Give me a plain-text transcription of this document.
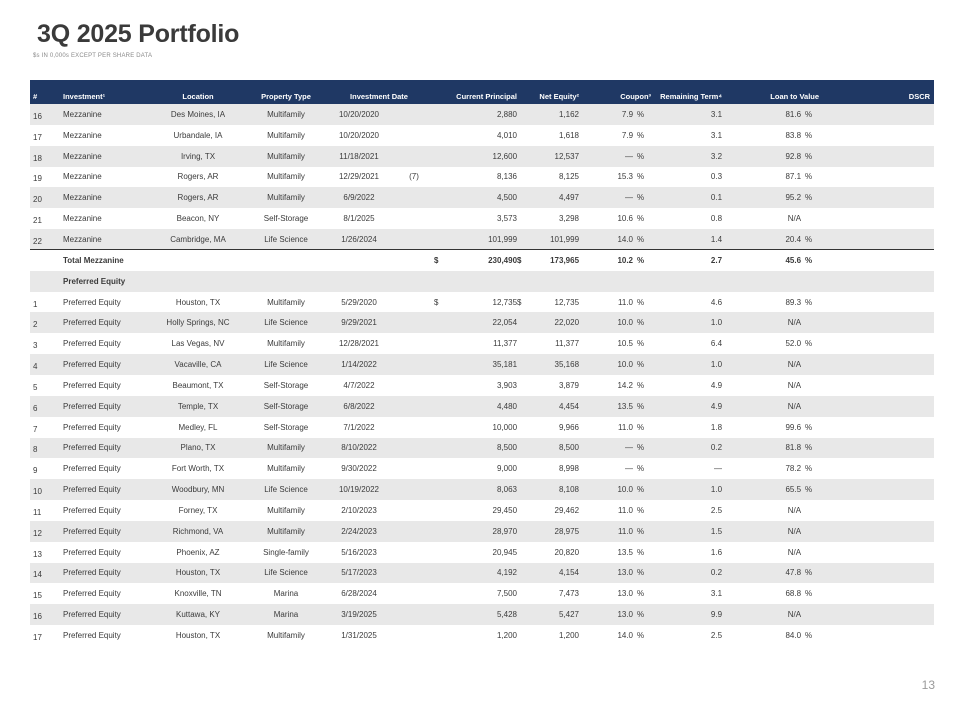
3Q 2025 Portfolio
$s IN 0,000s EXCEPT PER SHARE DATA
#	Investment¹	Location	Property Type	Investment Date		Current Principal		Net Equity²		Coupon³		Remaining Term⁴	Loan to Value		DSCR
16	Mezzanine	Des Moines, IA	Multifamily	10/20/2020			2,880		1,162	7.9	%	3.1	81.6	%	
17	Mezzanine	Urbandale, IA	Multifamily	10/20/2020			4,010		1,618	7.9	%	3.1	83.8	%	
18	Mezzanine	Irving, TX	Multifamily	11/18/2021			12,600		12,537	—	%	3.2	92.8	%	
19	Mezzanine	Rogers, AR	Multifamily	12/29/2021	(7)		8,136		8,125	15.3	%	0.3	87.1	%	
20	Mezzanine	Rogers, AR	Multifamily	6/9/2022			4,500		4,497	—	%	0.1	95.2	%	
21	Mezzanine	Beacon, NY	Self-Storage	8/1/2025			3,573		3,298	10.6	%	0.8	N/A		
22	Mezzanine	Cambridge, MA	Life Science	1/26/2024			101,999		101,999	14.0	%	1.4	20.4	%	
	Total Mezzanine					$	230,490	$	173,965	10.2	%	2.7	45.6	%	
	Preferred Equity														
1	Preferred Equity	Houston, TX	Multifamily	5/29/2020		$	12,735	$	12,735	11.0	%	4.6	89.3	%	
2	Preferred Equity	Holly Springs, NC	Life Science	9/29/2021			22,054		22,020	10.0	%	1.0	N/A		
3	Preferred Equity	Las Vegas, NV	Multifamily	12/28/2021			11,377		11,377	10.5	%	6.4	52.0	%	
4	Preferred Equity	Vacaville, CA	Life Science	1/14/2022			35,181		35,168	10.0	%	1.0	N/A		
5	Preferred Equity	Beaumont, TX	Self-Storage	4/7/2022			3,903		3,879	14.2	%	4.9	N/A		
6	Preferred Equity	Temple, TX	Self-Storage	6/8/2022			4,480		4,454	13.5	%	4.9	N/A		
7	Preferred Equity	Medley, FL	Self-Storage	7/1/2022			10,000		9,966	11.0	%	1.8	99.6	%	
8	Preferred Equity	Plano, TX	Multifamily	8/10/2022			8,500		8,500	—	%	0.2	81.8	%	
9	Preferred Equity	Fort Worth, TX	Multifamily	9/30/2022			9,000		8,998	—	%	—	78.2	%	
10	Preferred Equity	Woodbury, MN	Life Science	10/19/2022			8,063		8,108	10.0	%	1.0	65.5	%	
11	Preferred Equity	Forney, TX	Multifamily	2/10/2023			29,450		29,462	11.0	%	2.5	N/A		
12	Preferred Equity	Richmond, VA	Multifamily	2/24/2023			28,970		28,975	11.0	%	1.5	N/A		
13	Preferred Equity	Phoenix, AZ	Single-family	5/16/2023			20,945		20,820	13.5	%	1.6	N/A		
14	Preferred Equity	Houston, TX	Life Science	5/17/2023			4,192		4,154	13.0	%	0.2	47.8	%	
15	Preferred Equity	Knoxville, TN	Marina	6/28/2024			7,500		7,473	13.0	%	3.1	68.8	%	
16	Preferred Equity	Kuttawa, KY	Marina	3/19/2025			5,428		5,427	13.0	%	9.9	N/A		
17	Preferred Equity	Houston, TX	Multifamily	1/31/2025			1,200		1,200	14.0	%	2.5	84.0	%	
13
